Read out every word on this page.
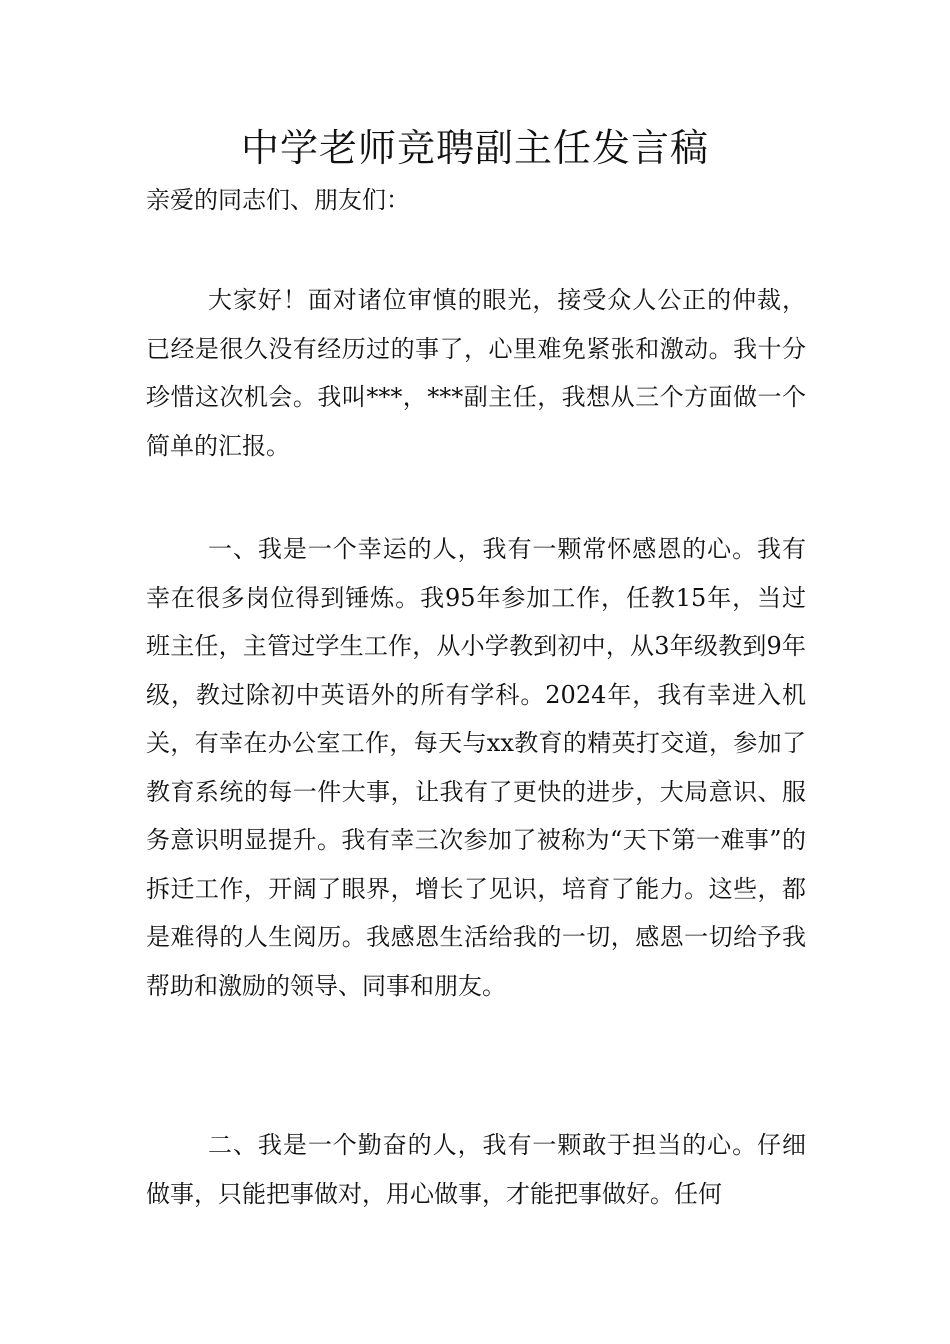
中学老师竞聘副主任发言稿

亲爱的同志们、朋友们：

大家好！面对诸位审慎的眼光，接受众人公正的仲裁，已经是很久没有经历过的事了，心里难免紧张和激动。我十分珍惜这次机会。我叫***，***副主任，我想从三个方面做一个简单的汇报。

一、我是一个幸运的人，我有一颗常怀感恩的心。我有幸在很多岗位得到锤炼。我95年参加工作，任教15年，当过班主任，主管过学生工作，从小学教到初中，从3年级教到9年级，教过除初中英语外的所有学科。2024年，我有幸进入机关，有幸在办公室工作，每天与xx教育的精英打交道，参加了教育系统的每一件大事，让我有了更快的进步，大局意识、服务意识明显提升。我有幸三次参加了被称为“天下第一难事”的拆迁工作，开阔了眼界，增长了见识，培育了能力。这些，都是难得的人生阅历。我感恩生活给我的一切，感恩一切给予我帮助和激励的领导、同事和朋友。

二、我是一个勤奋的人，我有一颗敢于担当的心。仔细做事，只能把事做对，用心做事，才能把事做好。任何
